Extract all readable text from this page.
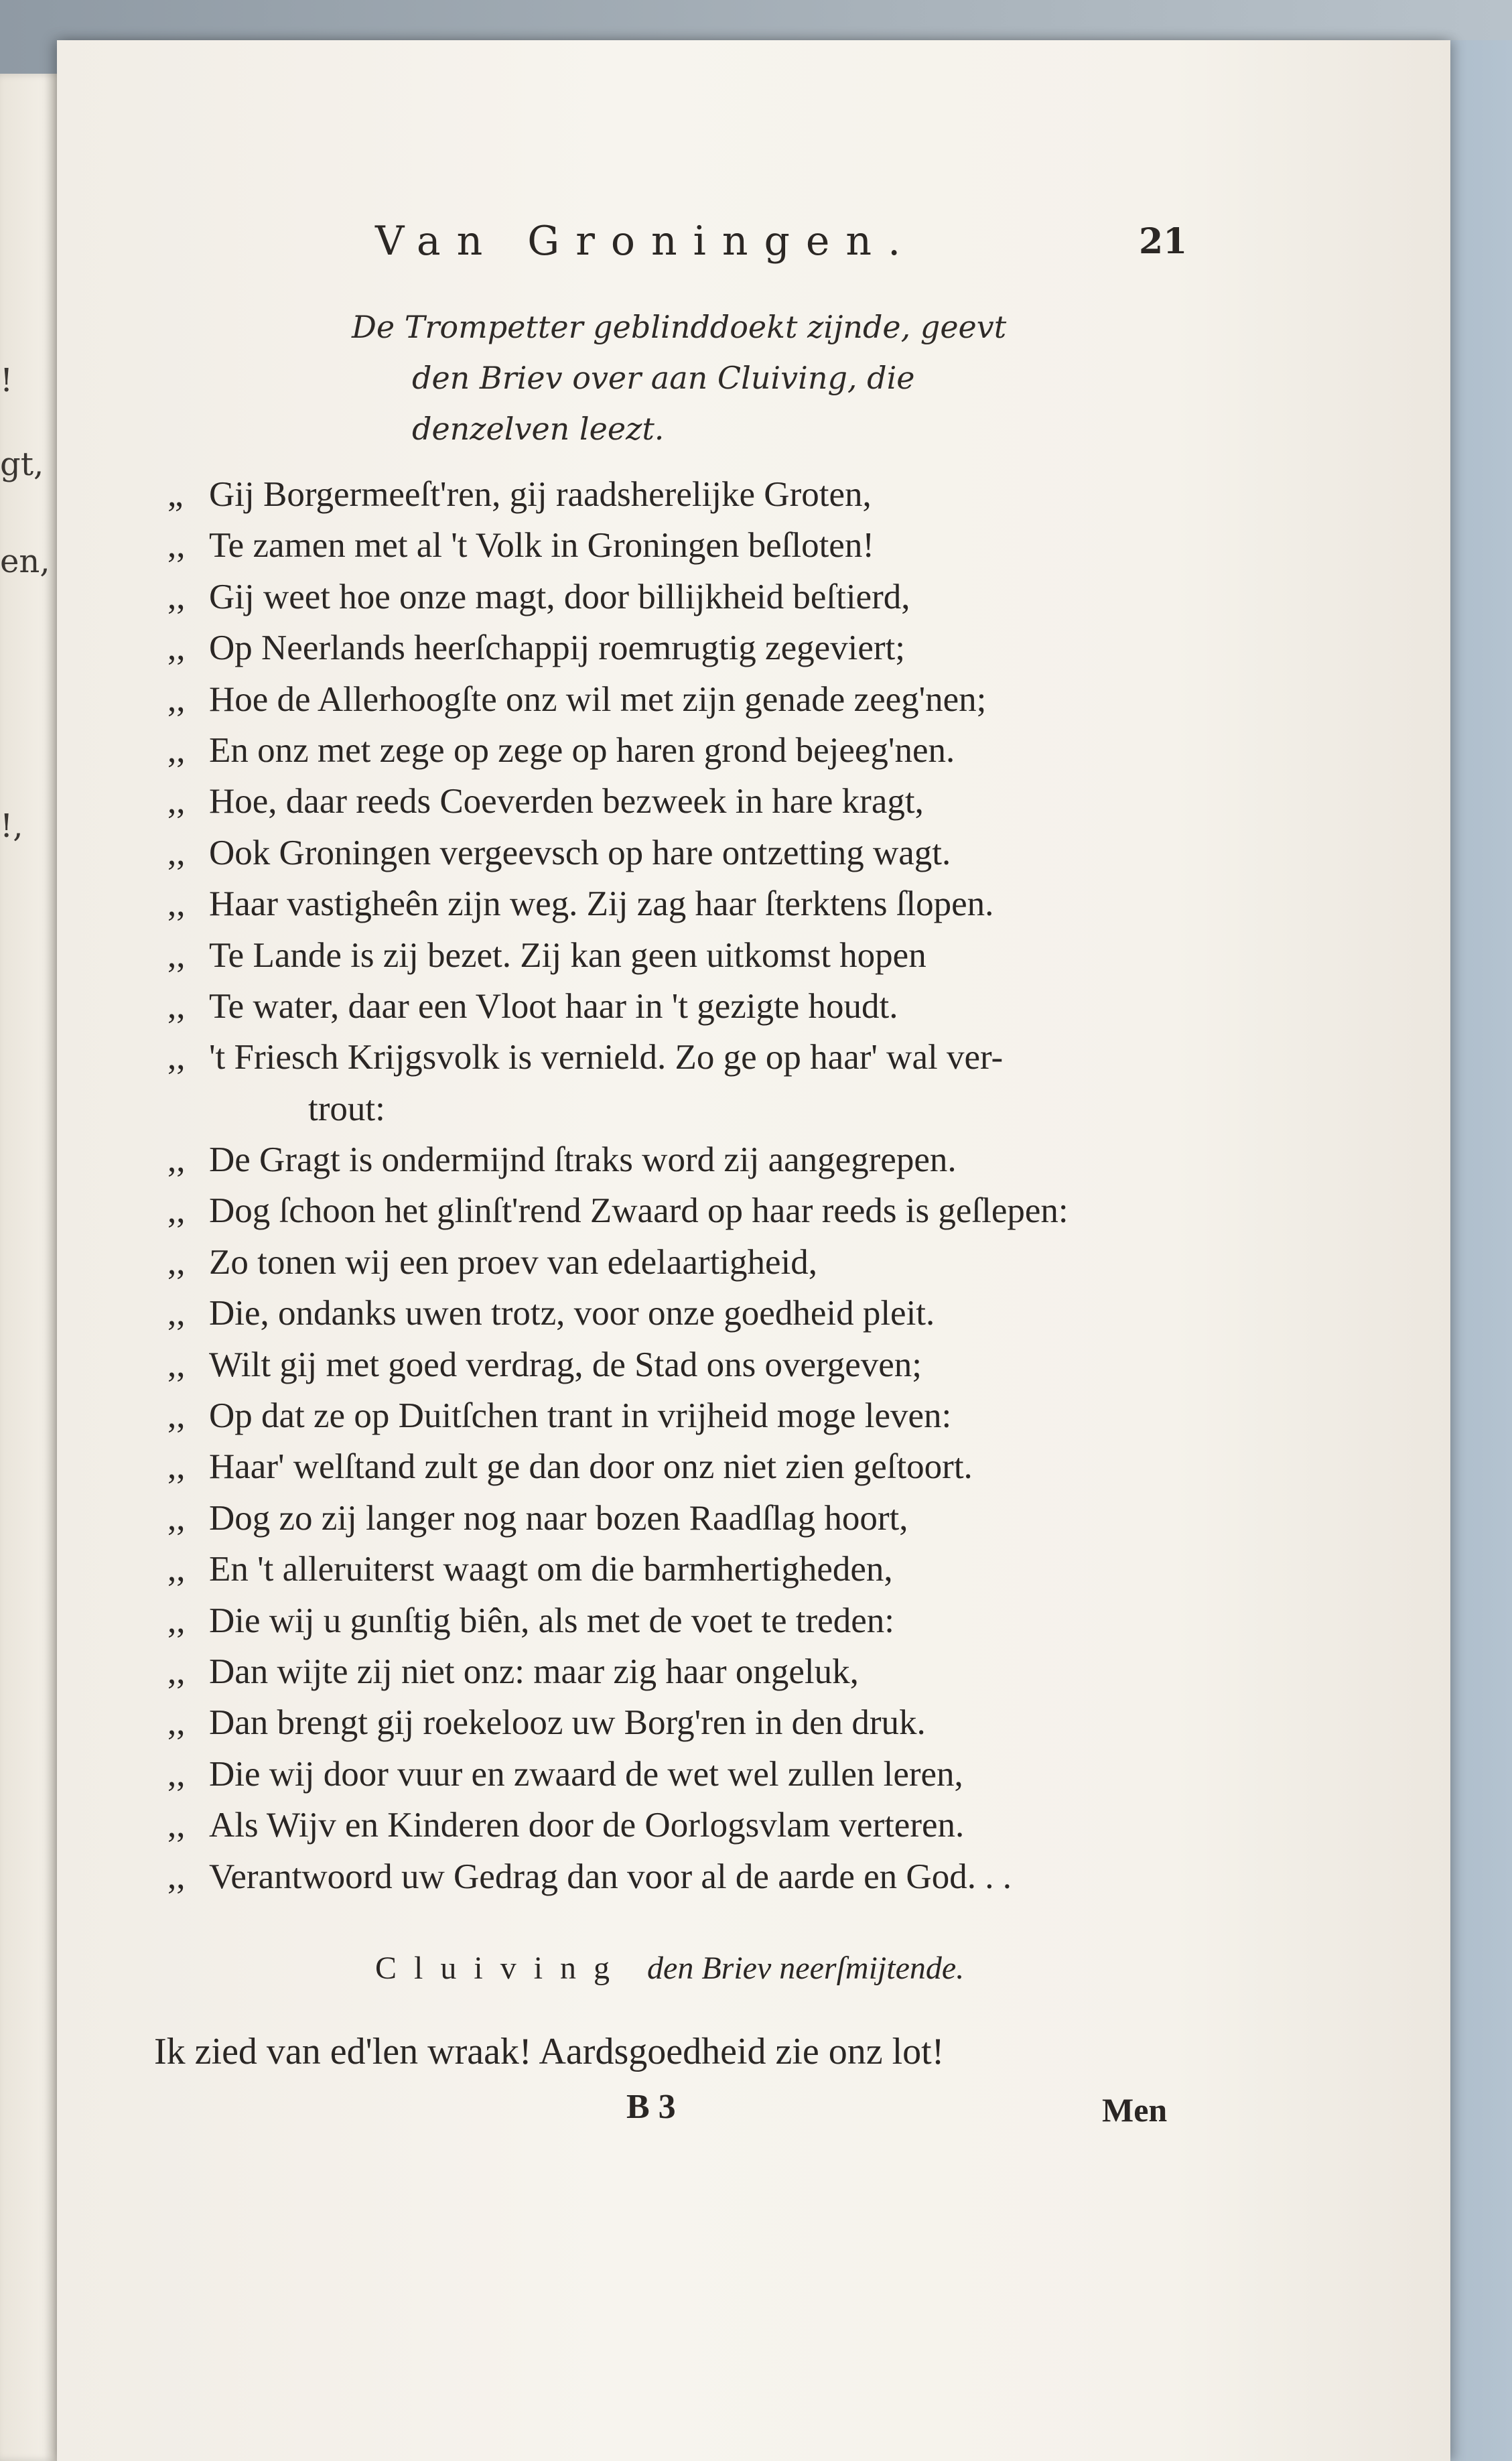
!
gt,
en,
!,
Van Groningen.	21
De Trompetter geblinddoekt zijnde, geevt
den Briev over aan Cluiving, die
denzelven leezt.
„ Gij Borgermeeſt'ren, gij raadsherelijke Groten,
,, Te zamen met al 't Volk in Groningen beſloten!
,, Gij weet hoe onze magt, door billijkheid beſtierd,
,, Op Neerlands heerſchappij roemrugtig zegeviert;
,, Hoe de Allerhoogſte onz wil met zijn genade zeeg'nen;
,, En onz met zege op zege op haren grond bejeeg'nen.
,, Hoe, daar reeds Coeverden bezweek in hare kragt,
,, Ook Groningen vergeevsch op hare ontzetting wagt.
,, Haar vastigheên zijn weg. Zij zag haar ſterktens ſlopen.
,, Te Lande is zij bezet. Zij kan geen uitkomst hopen
,, Te water, daar een Vloot haar in 't gezigte houdt.
,, 't Friesch Krijgsvolk is vernield. Zo ge op haar' wal ver-
trout:
,, De Gragt is ondermijnd ſtraks word zij aangegrepen.
,, Dog ſchoon het glinſt'rend Zwaard op haar reeds is geſlepen:
,, Zo tonen wij een proev van edelaartigheid,
,, Die, ondanks uwen trotz, voor onze goedheid pleit.
,, Wilt gij met goed verdrag, de Stad ons overgeven;
,, Op dat ze op Duitſchen trant in vrijheid moge leven:
,, Haar' welſtand zult ge dan door onz niet zien geſtoort.
,, Dog zo zij langer nog naar bozen Raadſlag hoort,
,, En 't alleruiterst waagt om die barmhertigheden,
,, Die wij u gunſtig biên, als met de voet te treden:
,, Dan wijte zij niet onz: maar zig haar ongeluk,
,, Dan brengt gij roekelooz uw Borg'ren in den druk.
,, Die wij door vuur en zwaard de wet wel zullen leren,
,, Als Wijv en Kinderen door de Oorlogsvlam verteren.
,, Verantwoord uw Gedrag dan voor al de aarde en God. . .
Cluiving den Briev neerſmijtende.
Ik zied van ed'len wraak! Aardsgoedheid zie onz lot!
B 3	Men
